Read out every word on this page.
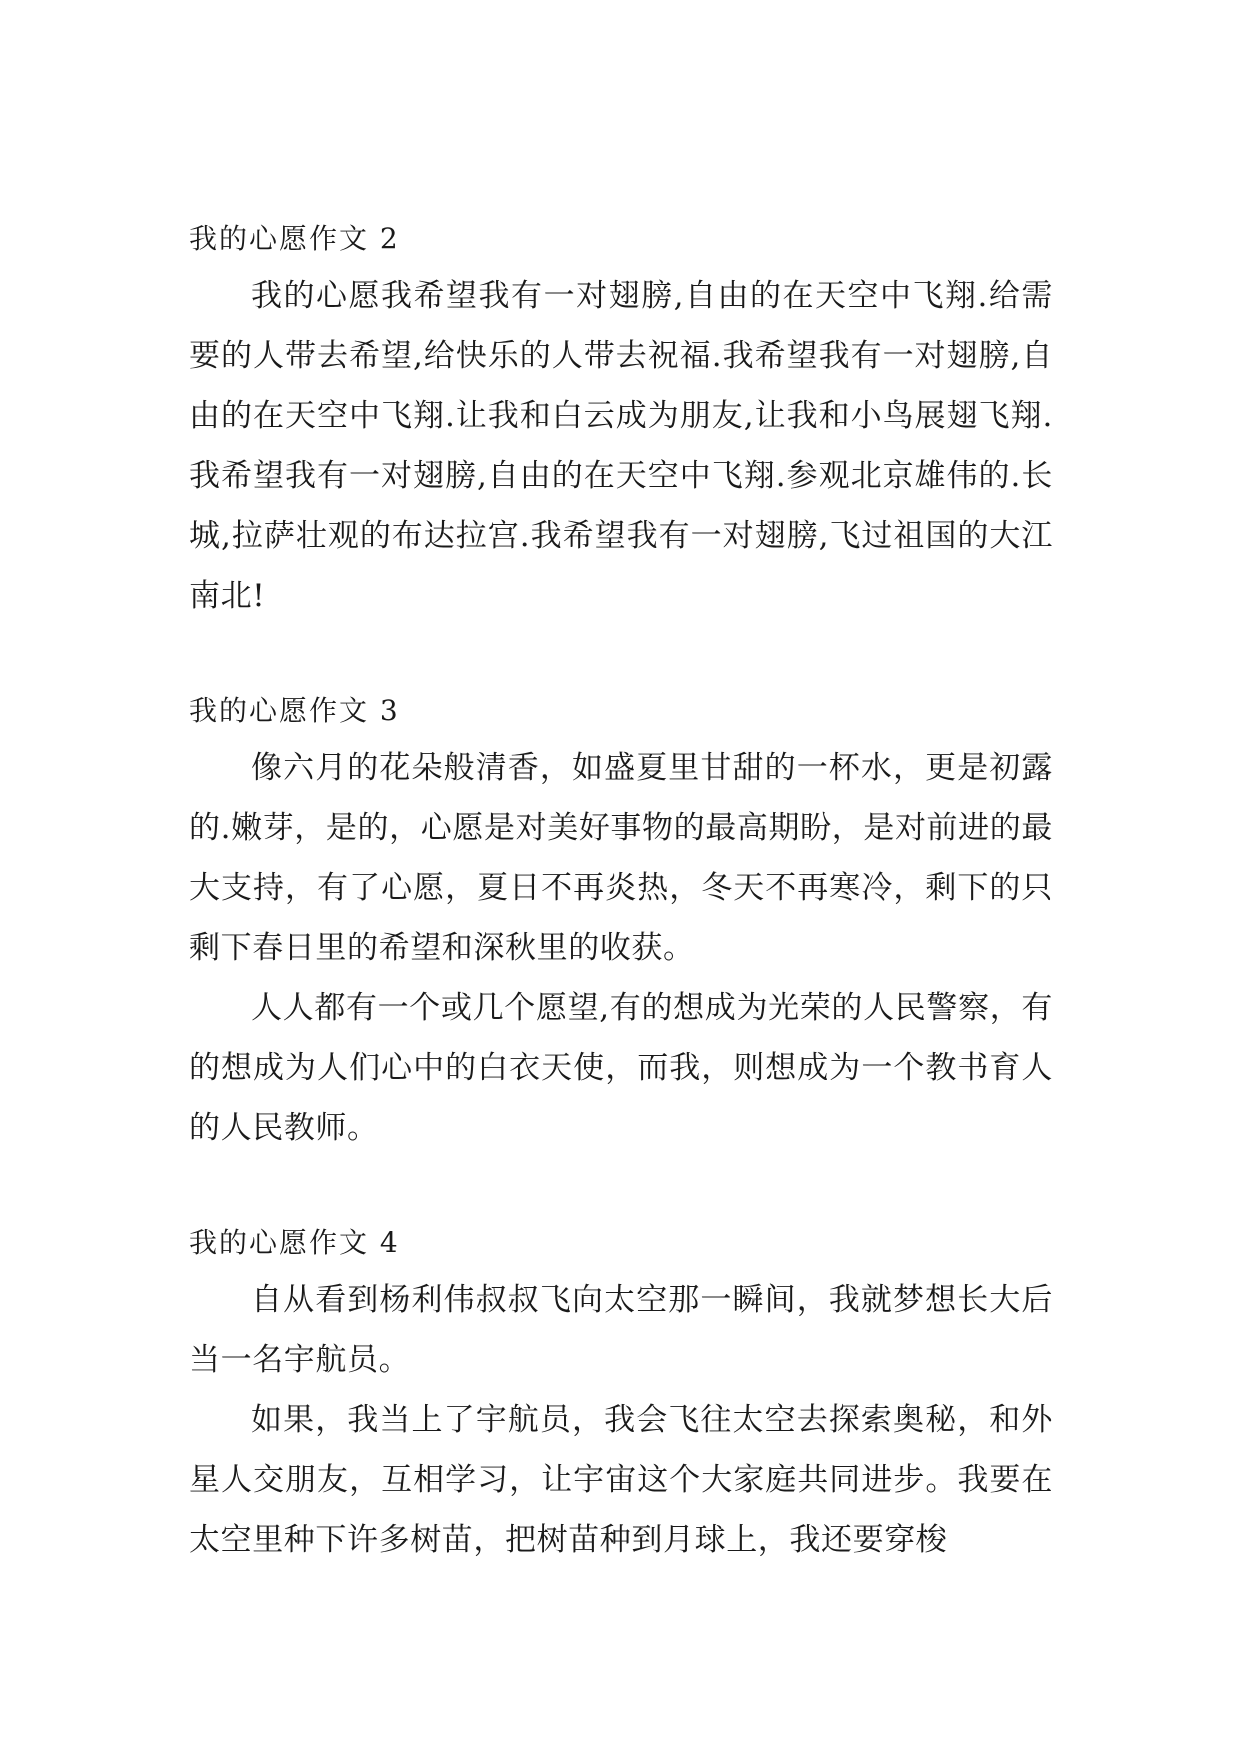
我的心愿作文 2

我的心愿我希望我有一对翅膀,自由的在天空中飞翔.给需要的人带去希望,给快乐的人带去祝福.我希望我有一对翅膀,自由的在天空中飞翔.让我和白云成为朋友,让我和小鸟展翅飞翔.我希望我有一对翅膀,自由的在天空中飞翔.参观北京雄伟的.长城,拉萨壮观的布达拉宫.我希望我有一对翅膀,飞过祖国的大江南北!

我的心愿作文 3

像六月的花朵般清香，如盛夏里甘甜的一杯水，更是初露的.嫩芽，是的，心愿是对美好事物的最高期盼，是对前进的最大支持，有了心愿，夏日不再炎热，冬天不再寒冷，剩下的只剩下春日里的希望和深秋里的收获。

人人都有一个或几个愿望,有的想成为光荣的人民警察，有的想成为人们心中的白衣天使，而我，则想成为一个教书育人的人民教师。

我的心愿作文 4

自从看到杨利伟叔叔飞向太空那一瞬间，我就梦想长大后当一名宇航员。

如果，我当上了宇航员，我会飞往太空去探索奥秘，和外星人交朋友，互相学习，让宇宙这个大家庭共同进步。我要在太空里种下许多树苗，把树苗种到月球上，我还要穿梭
